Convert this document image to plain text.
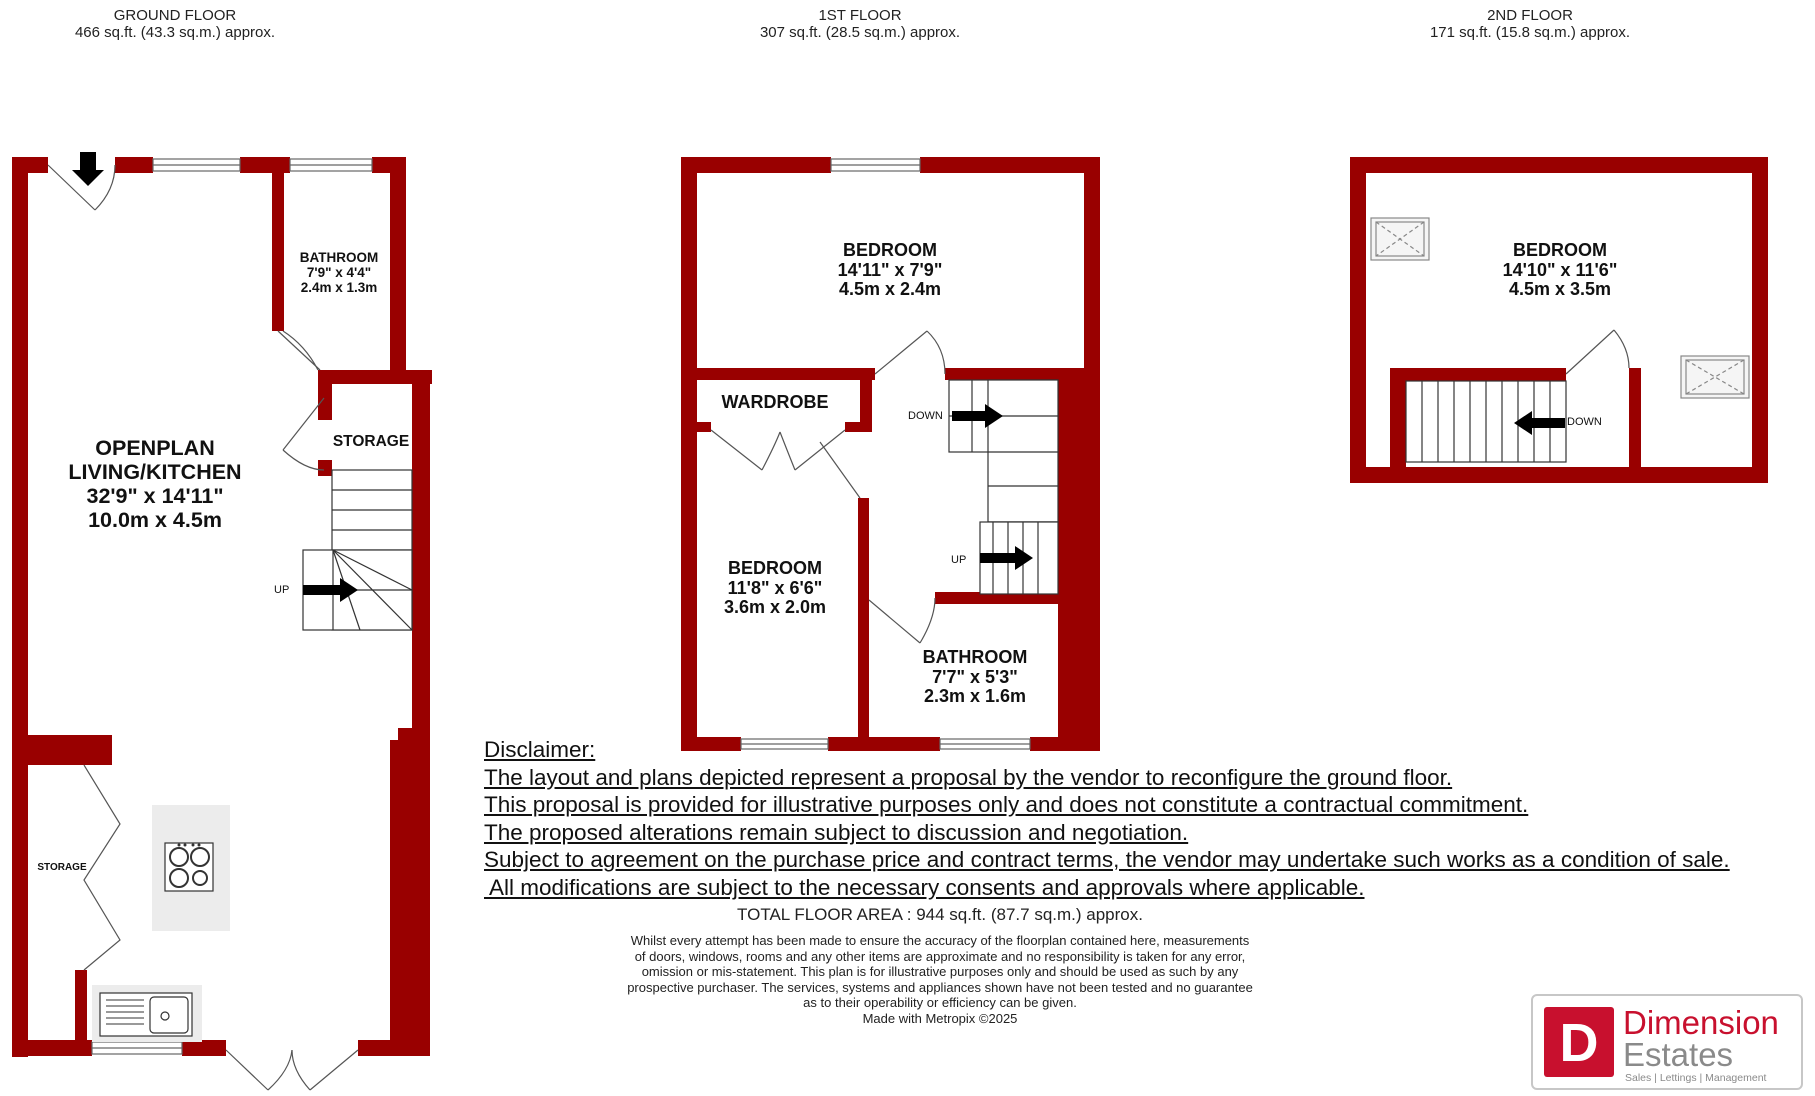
GROUND FLOOR
466 sq.ft. (43.3 sq.m.) approx.
1ST FLOOR
307 sq.ft. (28.5 sq.m.) approx.
2ND FLOOR
171 sq.ft. (15.8 sq.m.) approx.
BATHROOM
7'9" x 4'4"
2.4m x 1.3m
STORAGE
OPENPLAN
LIVING/KITCHEN
32'9" x 14'11"
10.0m x 4.5m
STORAGE
UP
BEDROOM
14'11" x 7'9"
4.5m x 2.4m
WARDROBE
BEDROOM
11'8" x 6'6"
3.6m x 2.0m
BATHROOM
7'7" x 5'3"
2.3m x 1.6m
DOWN
UP
BEDROOM
14'10" x 11'6"
4.5m x 3.5m
DOWN
Disclaimer:
The layout and plans depicted represent a proposal by the vendor to reconfigure the ground floor.
This proposal is provided for illustrative purposes only and does not constitute a contractual commitment.
The proposed alterations remain subject to discussion and negotiation.
Subject to agreement on the purchase price and contract terms, the vendor may undertake such works as a condition of sale.
All modifications are subject to the necessary consents and approvals where applicable.
TOTAL FLOOR AREA : 944 sq.ft. (87.7 sq.m.) approx.
Whilst every attempt has been made to ensure the accuracy of the floorplan contained here, measurements
of doors, windows, rooms and any other items are approximate and no responsibility is taken for any error,
omission or mis-statement. This plan is for illustrative purposes only and should be used as such by any
prospective purchaser. The services, systems and appliances shown have not been tested and no guarantee
as to their operability or efficiency can be given.
Made with Metropix ©2025	D Dimension
Estates
Sales | Lettings | Management
